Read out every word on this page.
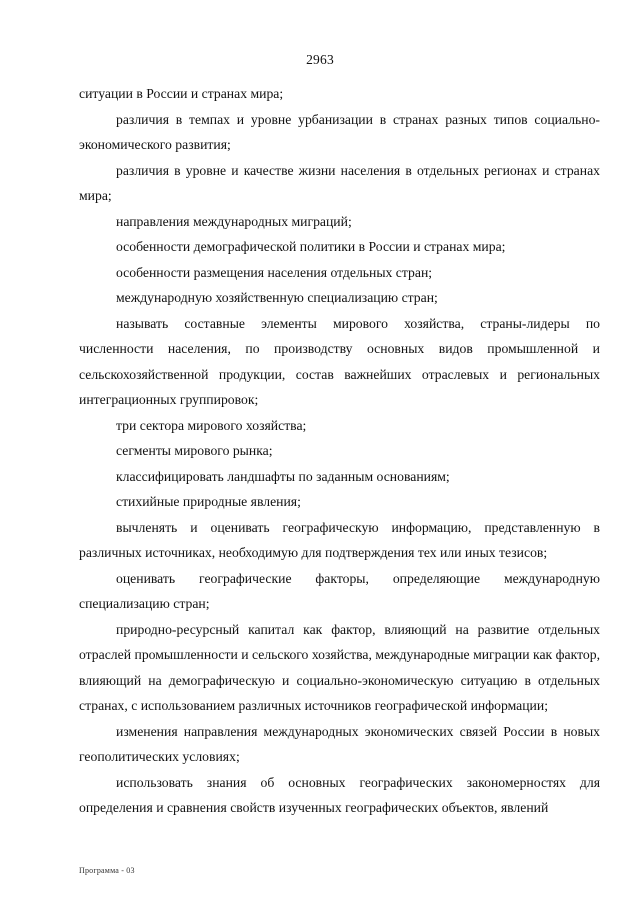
2963

ситуации в России и странах мира;

различия в темпах и уровне урбанизации в странах разных типов социально-экономического развития;

различия в уровне и качестве жизни населения в отдельных регионах и странах мира;

направления международных миграций;

особенности демографической политики в России и странах мира;

особенности размещения населения отдельных стран;

международную хозяйственную специализацию стран;

называть составные элементы мирового хозяйства, страны-лидеры по численности населения, по производству основных видов промышленной и сельскохозяйственной продукции, состав важнейших отраслевых и региональных интеграционных группировок;

три сектора мирового хозяйства;

сегменты мирового рынка;

классифицировать ландшафты по заданным основаниям;

стихийные природные явления;

вычленять и оценивать географическую информацию, представленную в различных источниках, необходимую для подтверждения тех или иных тезисов;

оценивать географические факторы, определяющие международную специализацию стран;

природно-ресурсный капитал как фактор, влияющий на развитие отдельных отраслей промышленности и сельского хозяйства, международные миграции как фактор, влияющий на демографическую и социально-экономическую ситуацию в отдельных странах, с использованием различных источников географической информации;

изменения направления международных экономических связей России в новых геополитических условиях;

использовать знания об основных географических закономерностях для определения и сравнения свойств изученных географических объектов, явлений

Программа - 03
